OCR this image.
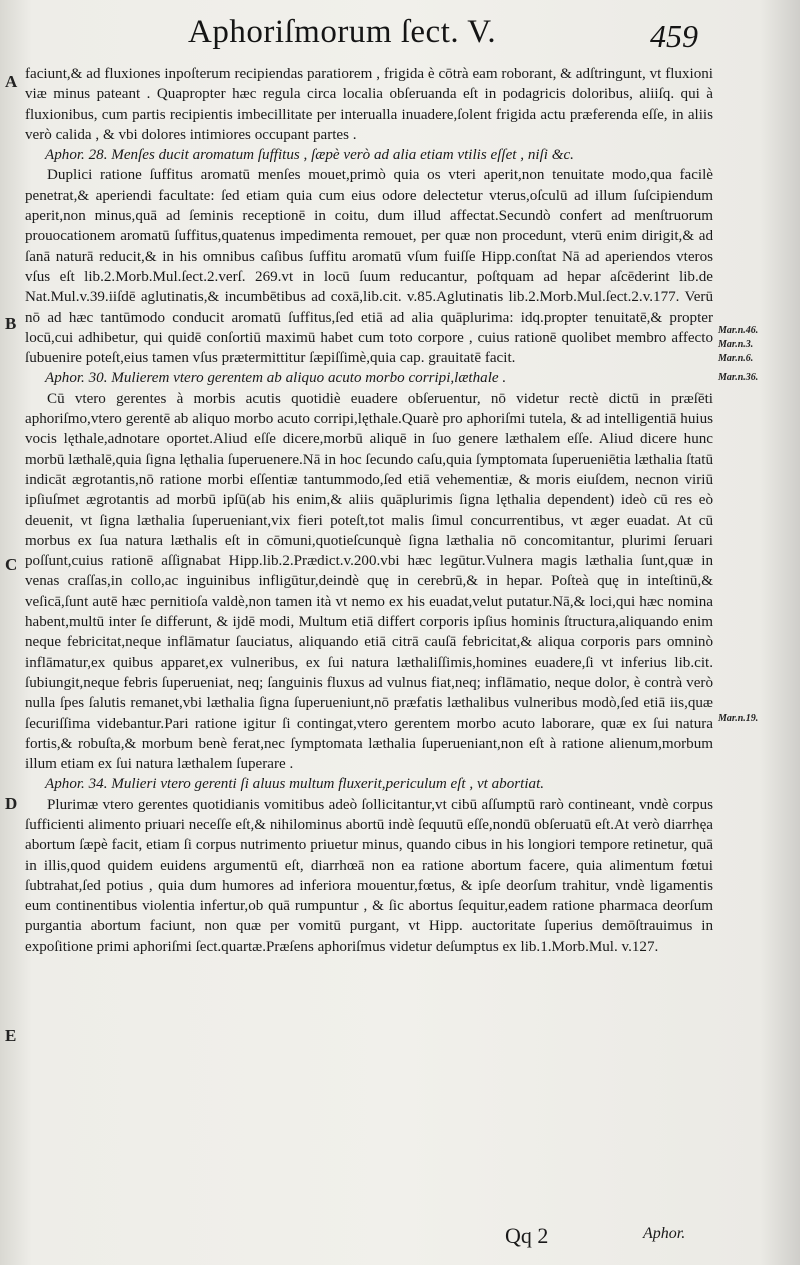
Aphoriſmorum ſect. V.	459
A
B
C
D
E
Mar.n.46.
Mar.n.3.
Mar.n.6.
Mar.n.36.
Mar.n.19.

faciunt,& ad fluxiones inpoſterum recipiendas paratiorem , frigida è cōtrà eam roborant, & adſtringunt, vt fluxioni viæ minus pateant . Quapropter hæc regula circa localia obſeruanda eſt in podagricis doloribus, aliiſq. qui à fluxionibus, cum partis recipientis imbecillitate per interualla inuadere,ſolent frigida actu præferenda eſſe, in aliis verò calida , & vbi dolores intimiores occupant partes .

Aphor. 28. Menſes ducit aromatum ſuffitus , ſæpè verò ad alia etiam vtilis eſſet , niſi &c.

Duplici ratione ſuffitus aromatū menſes mouet,primò quia os vteri aperit,non tenuitate modo,qua facilè penetrat,& aperiendi facultate: ſed etiam quia cum eius odore delectetur vterus,oſculū ad illum ſuſcipiendum aperit,non minus,quā ad ſeminis receptionē in coitu, dum illud affectat.Secundò confert ad menſtruorum prouocationem aromatū ſuffitus,quatenus impedimenta remouet, per quæ non procedunt, vterū enim dirigit,& ad ſanā naturā reducit,& in his omnibus caſibus ſuffitu aromatū vſum fuiſſe Hipp.conſtat Nā ad aperiendos vteros vſus eſt lib.2.Morb.Mul.ſect.2.verſ. 269.vt in locū ſuum reducantur, poſtquam ad hepar aſcēderint lib.de Nat.Mul.v.39.iiſdē aglutinatis,& incumbētibus ad coxā,lib.cit. v.85.Aglutinatis lib.2.Morb.Mul.ſect.2.v.177. Verū nō ad hæc tantūmodo conducit aromatū ſuffitus,ſed etiā ad alia quāplurima: idq.propter tenuitatē,& propter locū,cui adhibetur, qui quidē conſortiū maximū habet cum toto corpore , cuius rationē quolibet membro affecto ſubuenire poteſt,eius tamen vſus prætermittitur ſæpiſſimè,quia cap. grauitatē facit.

Aphor. 30. Mulierem vtero gerentem ab aliquo acuto morbo corripi,læthale .

Cū vtero gerentes à morbis acutis quotidiè euadere obſeruentur, nō videtur rectè dictū in præſēti aphoriſmo,vtero gerentē ab aliquo morbo acuto corripi,lęthale.Quarè pro aphoriſmi tutela, & ad intelligentiā huius vocis lęthale,adnotare oportet.Aliud eſſe dicere,morbū aliquē in ſuo genere læthalem eſſe. Aliud dicere hunc morbū læthalē,quia ſigna lęthalia ſuperuenere.Nā in hoc ſecundo caſu,quia ſymptomata ſuperueniētia læthalia ſtatū indicāt ægrotantis,nō ratione morbi eſſentiæ tantummodo,ſed etiā vehementiæ, & moris eiuſdem, necnon viriū ipſiuſmet ægrotantis ad morbū ipſū(ab his enim,& aliis quāplurimis ſigna lęthalia dependent) ideò cū res eò deuenit, vt ſigna læthalia ſuperueniant,vix fieri poteſt,tot malis ſimul concurrentibus, vt æger euadat. At cū morbus ex ſua natura læthalis eſt in cōmuni,quotieſcunquè ſigna læthalia nō concomitantur, plurimi ſeruari poſſunt,cuius rationē aſſignabat Hipp.lib.2.Prædict.v.200.vbi hæc legūtur.Vulnera magis læthalia ſunt,quæ in venas craſſas,in collo,ac inguinibus infligūtur,deindè quę in cerebrū,& in hepar. Poſteà quę in inteſtinū,& veſicā,ſunt autē hæc pernitioſa valdè,non tamen ità vt nemo ex his euadat,velut putatur.Nā,& loci,qui hæc nomina habent,multū inter ſe differunt, & ijdē modi, Multum etiā differt corporis ipſius hominis ſtructura,aliquando enim neque febricitat,neque inflāmatur ſauciatus, aliquando etiā citrā cauſā febricitat,& aliqua corporis pars omninò inflāmatur,ex quibus apparet,ex vulneribus, ex ſui natura læthaliſſimis,homines euadere,ſi vt inferius lib.cit. ſubiungit,neque febris ſuperueniat, neq; ſanguinis fluxus ad vulnus fiat,neq; inflāmatio, neque dolor, è contrà verò nulla ſpes ſalutis remanet,vbi læthalia ſigna ſuperueniunt,nō præfatis læthalibus vulneribus modò,ſed etiā iis,quæ ſecuriſſima videbantur.Pari ratione igitur ſi contingat,vtero gerentem morbo acuto laborare, quæ ex ſui natura fortis,& robuſta,& morbum benè ferat,nec ſymptomata læthalia ſuperueniant,non eſt à ratione alienum,morbum illum etiam ex ſui natura læthalem ſuperare .

Aphor. 34. Mulieri vtero gerenti ſi aluus multum fluxerit,periculum eſt , vt abortiat.

Plurimæ vtero gerentes quotidianis vomitibus adeò ſollicitantur,vt cibū aſſumptū rarò contineant, vndè corpus ſufficienti alimento priuari neceſſe eſt,& nihilominus abortū indè ſequutū eſſe,nondū obſeruatū eſt.At verò diarrhęa abortum ſæpè facit, etiam ſi corpus nutrimento priuetur minus, quando cibus in his longiori tempore retinetur, quā in illis,quod quidem euidens argumentū eſt, diarrhœā non ea ratione abortum facere, quia alimentum fœtui ſubtrahat,ſed potius , quia dum humores ad inferiora mouentur,fœtus, & ipſe deorſum trahitur, vndè ligamentis eum continentibus violentia infertur,ob quā rumpuntur , & ſic abortus ſequitur,eadem ratione pharmaca deorſum purgantia abortum faciunt, non quæ per vomitū purgant, vt Hipp. auctoritate ſuperius demōſtrauimus in expoſitione primi aphoriſmi ſect.quartæ.Præſens aphoriſmus videtur deſumptus ex lib.1.Morb.Mul. v.127.

Qq 2	Aphor.
